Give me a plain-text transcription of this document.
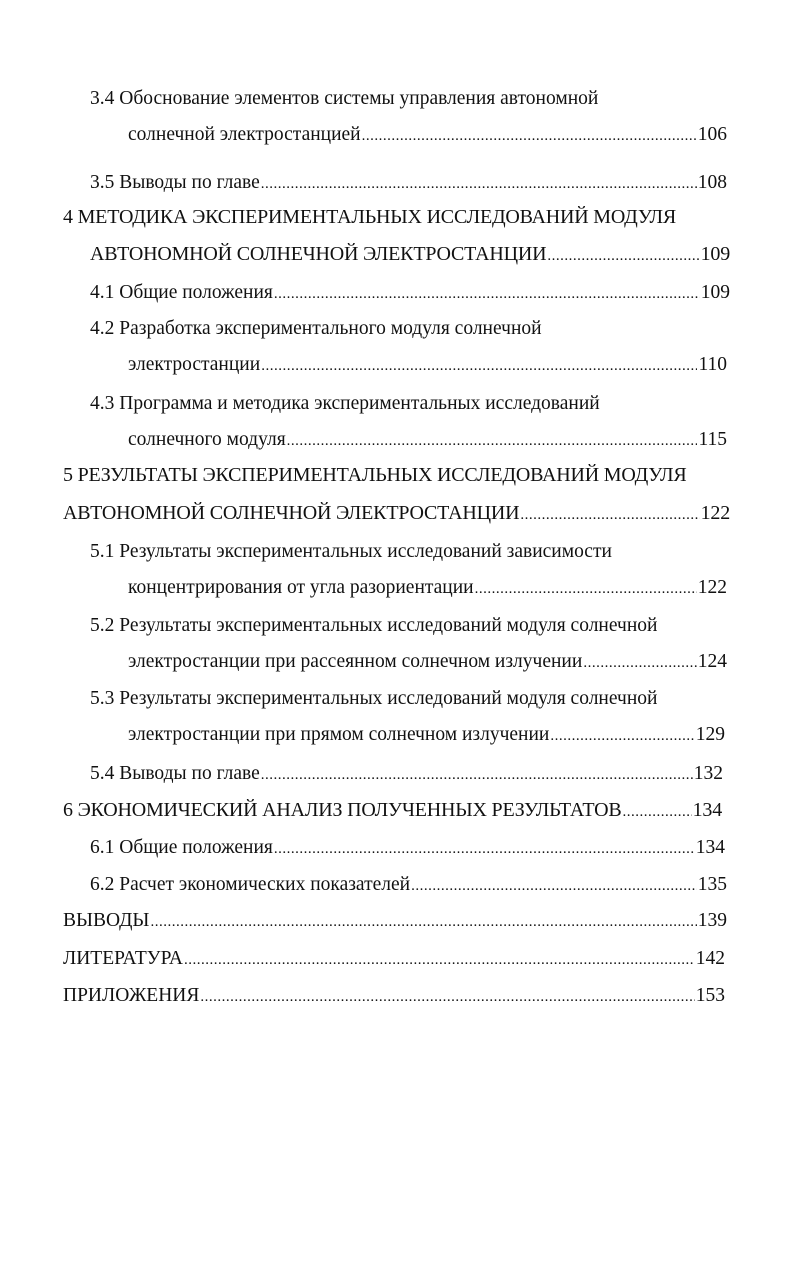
3.4 Обоснование элементов системы управления автономной
солнечной электростанцией .....	106
3.5 Выводы по главе .....	108
4 МЕТОДИКА ЭКСПЕРИМЕНТАЛЬНЫХ ИССЛЕДОВАНИЙ МОДУЛЯ
АВТОНОМНОЙ СОЛНЕЧНОЙ ЭЛЕКТРОСТАНЦИИ .....	109
4.1 Общие положения .....	109
4.2 Разработка экспериментального модуля солнечной
электростанции .....	110
4.3 Программа и методика экспериментальных исследований
солнечного модуля .....	115
5 РЕЗУЛЬТАТЫ ЭКСПЕРИМЕНТАЛЬНЫХ ИССЛЕДОВАНИЙ МОДУЛЯ
АВТОНОМНОЙ СОЛНЕЧНОЙ ЭЛЕКТРОСТАНЦИИ .....	122
5.1 Результаты экспериментальных исследований зависимости
концентрирования от угла разориентации .....	122
5.2 Результаты экспериментальных исследований модуля солнечной
электростанции при рассеянном солнечном излучении .....	124
5.3 Результаты экспериментальных исследований модуля солнечной
электростанции при прямом солнечном излучении .....	129
5.4 Выводы по главе .....	132
6 ЭКОНОМИЧЕСКИЙ АНАЛИЗ ПОЛУЧЕННЫХ РЕЗУЛЬТАТОВ .....	134
6.1 Общие положения .....	134
6.2 Расчет экономических показателей .....	135
ВЫВОДЫ .....	139
ЛИТЕРАТУРА .....	142
ПРИЛОЖЕНИЯ .....	153
